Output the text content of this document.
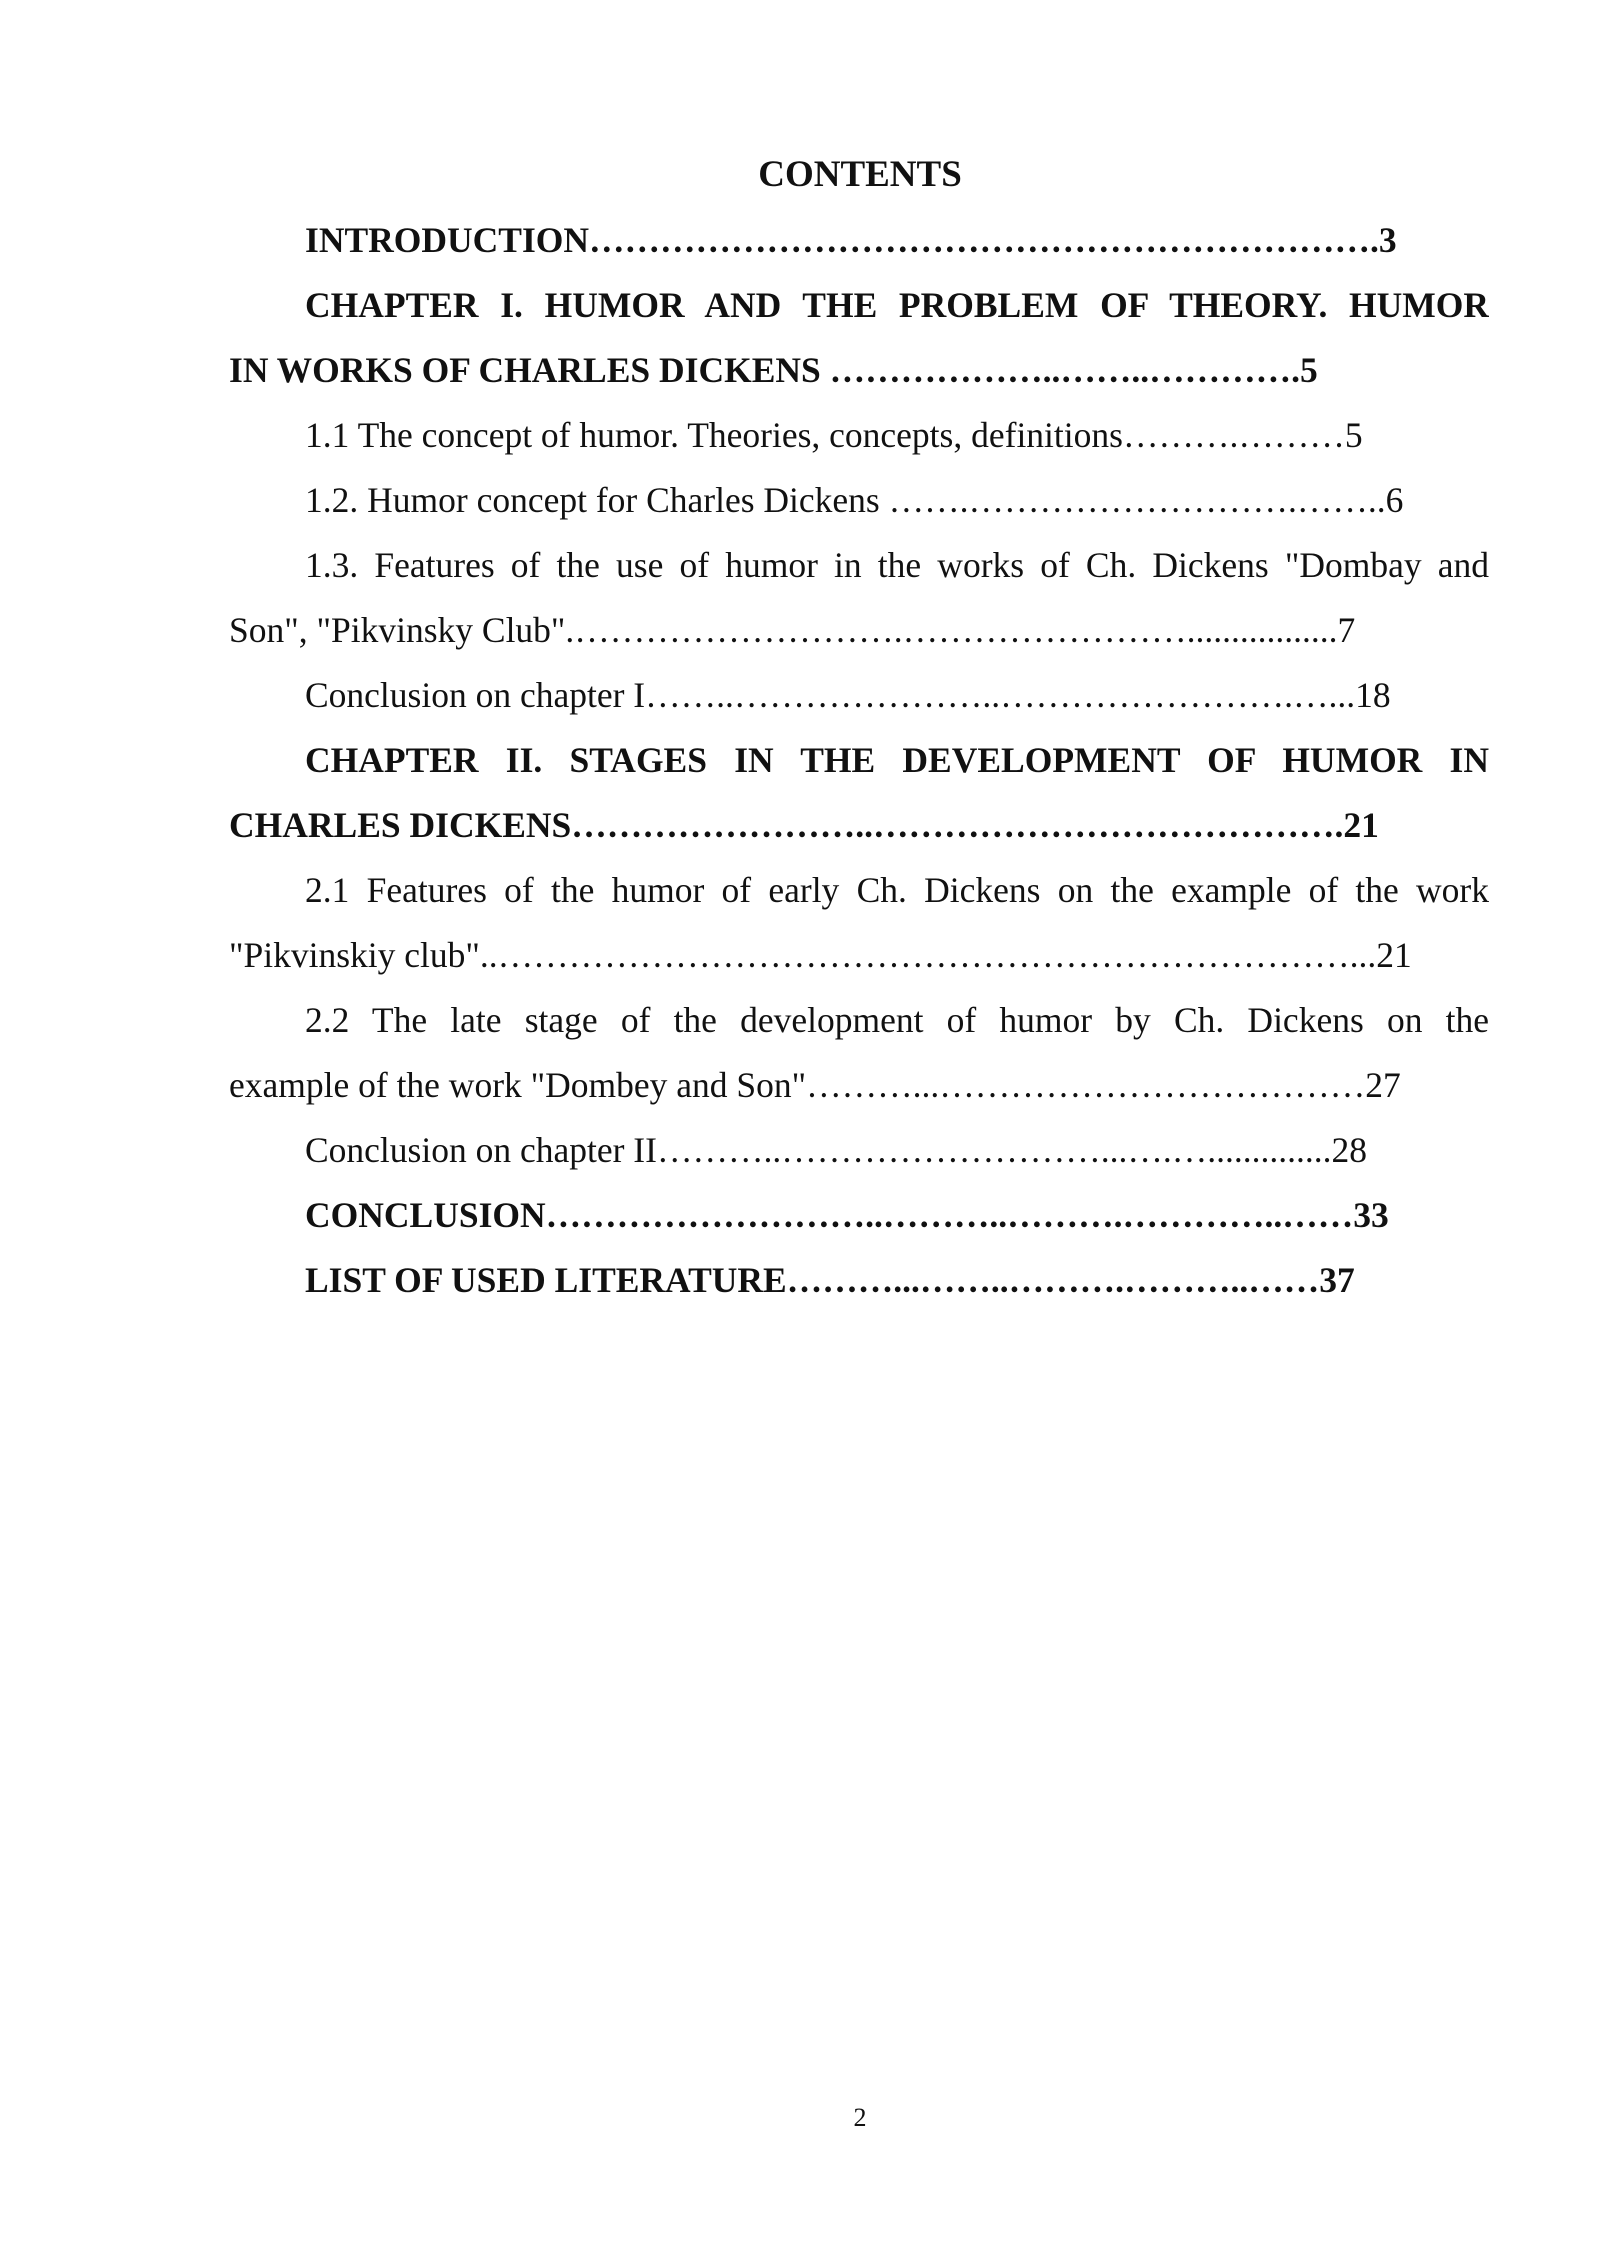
CONTENTS
INTRODUCTION………………………………………………………….3
CHAPTER I. HUMOR AND THE PROBLEM OF THEORY. HUMOR
IN WORKS OF CHARLES DICKENS ………………..……..………….5
1.1 The concept of humor. Theories, concepts, definitions……….………5
1.2. Humor concept for Charles Dickens …….……………………….……..6
1.3. Features of the use of humor in the works of Ch. Dickens "Dombay and
Son", "Pikvinsky Club".……………………….…………………….................7
Conclusion on chapter I……..…………………..…………………….…...18
CHAPTER II. STAGES IN THE DEVELOPMENT OF HUMOR IN
CHARLES DICKENS……………………..………………………………….21
2.1 Features of the humor of early Ch. Dickens on the example of the work
"Pikvinskiy club"..………………………………………………………………...21
2.2 The late stage of the development of humor by Ch. Dickens on the
example of the work "Dombey and Son"………...………………………………27
Conclusion on chapter II………..………………………...….…..............28
CONCLUSION………………………..………..……….…………..……33
LIST OF USED LITERATURE………...……..……….………..……37
2
